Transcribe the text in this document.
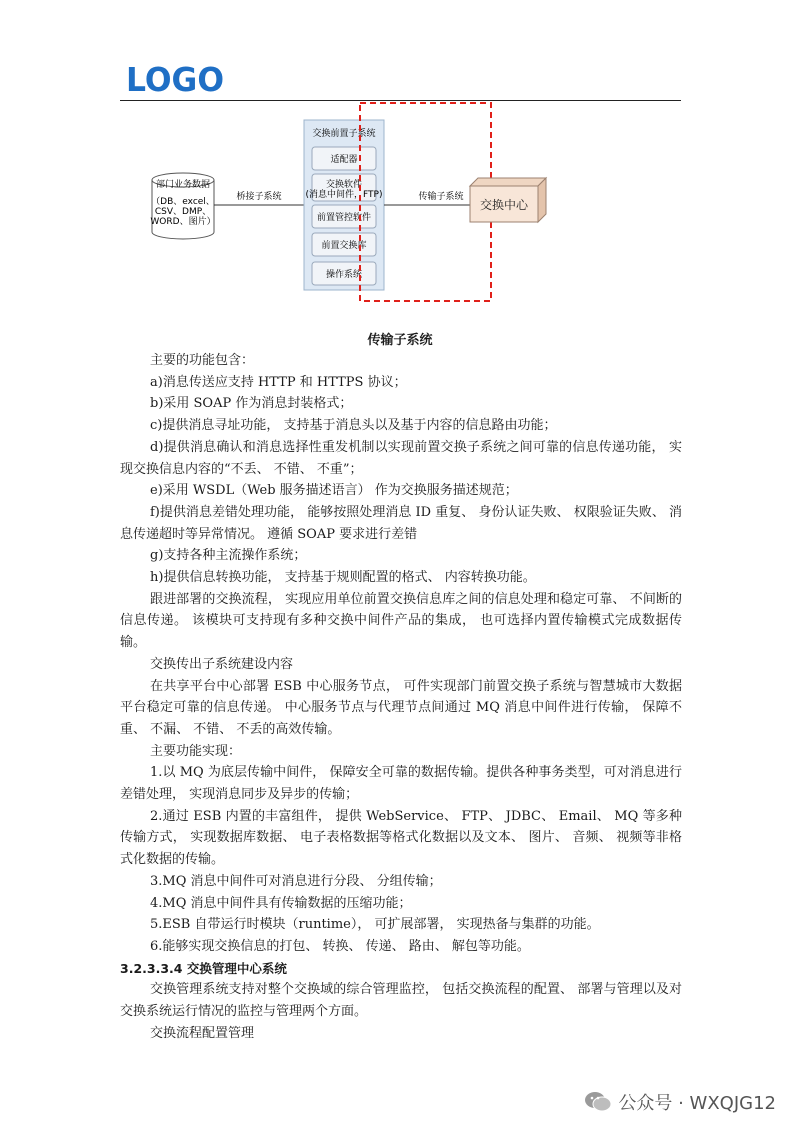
LOGO
部门业务数据
（DB、excel、
CSV、DMP、
WORD、图片）
桥接子系统
交换前置子系统
适配器
交换软件
(消息中间件，FTP)
前置管控软件
前置交换库
操作系统
传输子系统
交换中心
传输子系统

主要的功能包含：

a)消息传送应支持 HTTP 和 HTTPS 协议；

b)采用 SOAP 作为消息封装格式；

c)提供消息寻址功能， 支持基于消息头以及基于内容的信息路由功能；

d)提供消息确认和消息选择性重发机制以实现前置交换子系统之间可靠的信息传递功能， 实现交换信息内容的“不丢、 不错、 不重”；

e)采用 WSDL（Web 服务描述语言） 作为交换服务描述规范；

f)提供消息差错处理功能， 能够按照处理消息 ID 重复、 身份认证失败、 权限验证失败、 消息传递超时等异常情况。 遵循 SOAP 要求进行差错

g)支持各种主流操作系统；

h)提供信息转换功能， 支持基于规则配置的格式、 内容转换功能。

跟进部署的交换流程， 实现应用单位前置交换信息库之间的信息处理和稳定可靠、 不间断的信息传递。 该模块可支持现有多种交换中间件产品的集成， 也可选择内置传输模式完成数据传输。

交换传出子系统建设内容

在共享平台中心部署 ESB 中心服务节点， 可件实现部门前置交换子系统与智慧城市大数据平台稳定可靠的信息传递。 中心服务节点与代理节点间通过 MQ 消息中间件进行传输， 保障不重、 不漏、 不错、 不丢的高效传输。

主要功能实现：

1.以 MQ 为底层传输中间件， 保障安全可靠的数据传输。提供各种事务类型，可对消息进行差错处理， 实现消息同步及异步的传输；

2.通过 ESB 内置的丰富组件， 提供 WebService、 FTP、 JDBC、 Email、 MQ 等多种传输方式， 实现数据库数据、 电子表格数据等格式化数据以及文本、 图片、 音频、 视频等非格式化数据的传输。

3.MQ 消息中间件可对消息进行分段、 分组传输；

4.MQ 消息中间件具有传输数据的压缩功能；

5.ESB 自带运行时模块（runtime）， 可扩展部署， 实现热备与集群的功能。

6.能够实现交换信息的打包、 转换、 传递、 路由、 解包等功能。

3.2.3.3.4 交换管理中心系统

交换管理系统支持对整个交换域的综合管理监控， 包括交换流程的配置、 部署与管理以及对交换系统运行情况的监控与管理两个方面。

交换流程配置管理

公众号 · WXQJG12
